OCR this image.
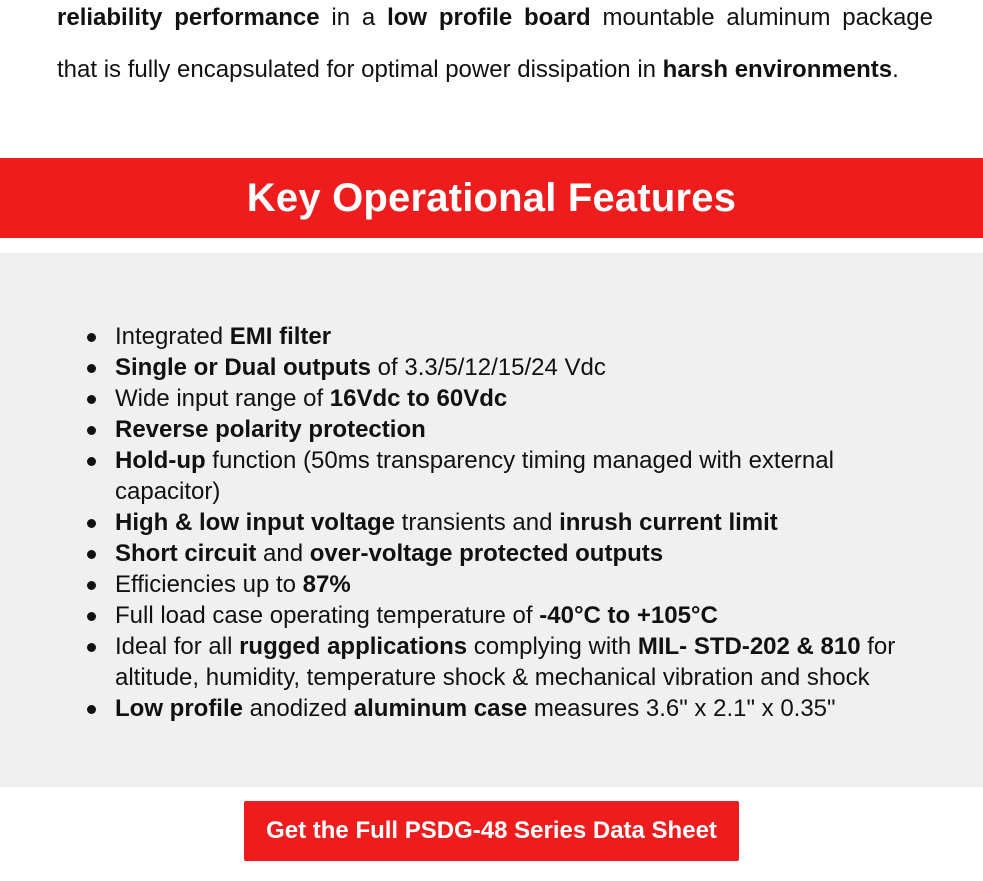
reliability performance in a low profile board mountable aluminum package that is fully encapsulated for optimal power dissipation in harsh environments.

Key Operational Features
Integrated EMI filter
Single or Dual outputs of 3.3/5/12/15/24 Vdc
Wide input range of 16Vdc to 60Vdc
Reverse polarity protection
Hold-up function (50ms transparency timing managed with external capacitor)
High & low input voltage transients and inrush current limit
Short circuit and over-voltage protected outputs
Efficiencies up to 87%
Full load case operating temperature of -40°C to +105°C
Ideal for all rugged applications complying with MIL- STD-202 & 810 for altitude, humidity, temperature shock & mechanical vibration and shock
Low profile anodized aluminum case measures 3.6" x 2.1" x 0.35"
Get the Full PSDG-48 Series Data Sheet
